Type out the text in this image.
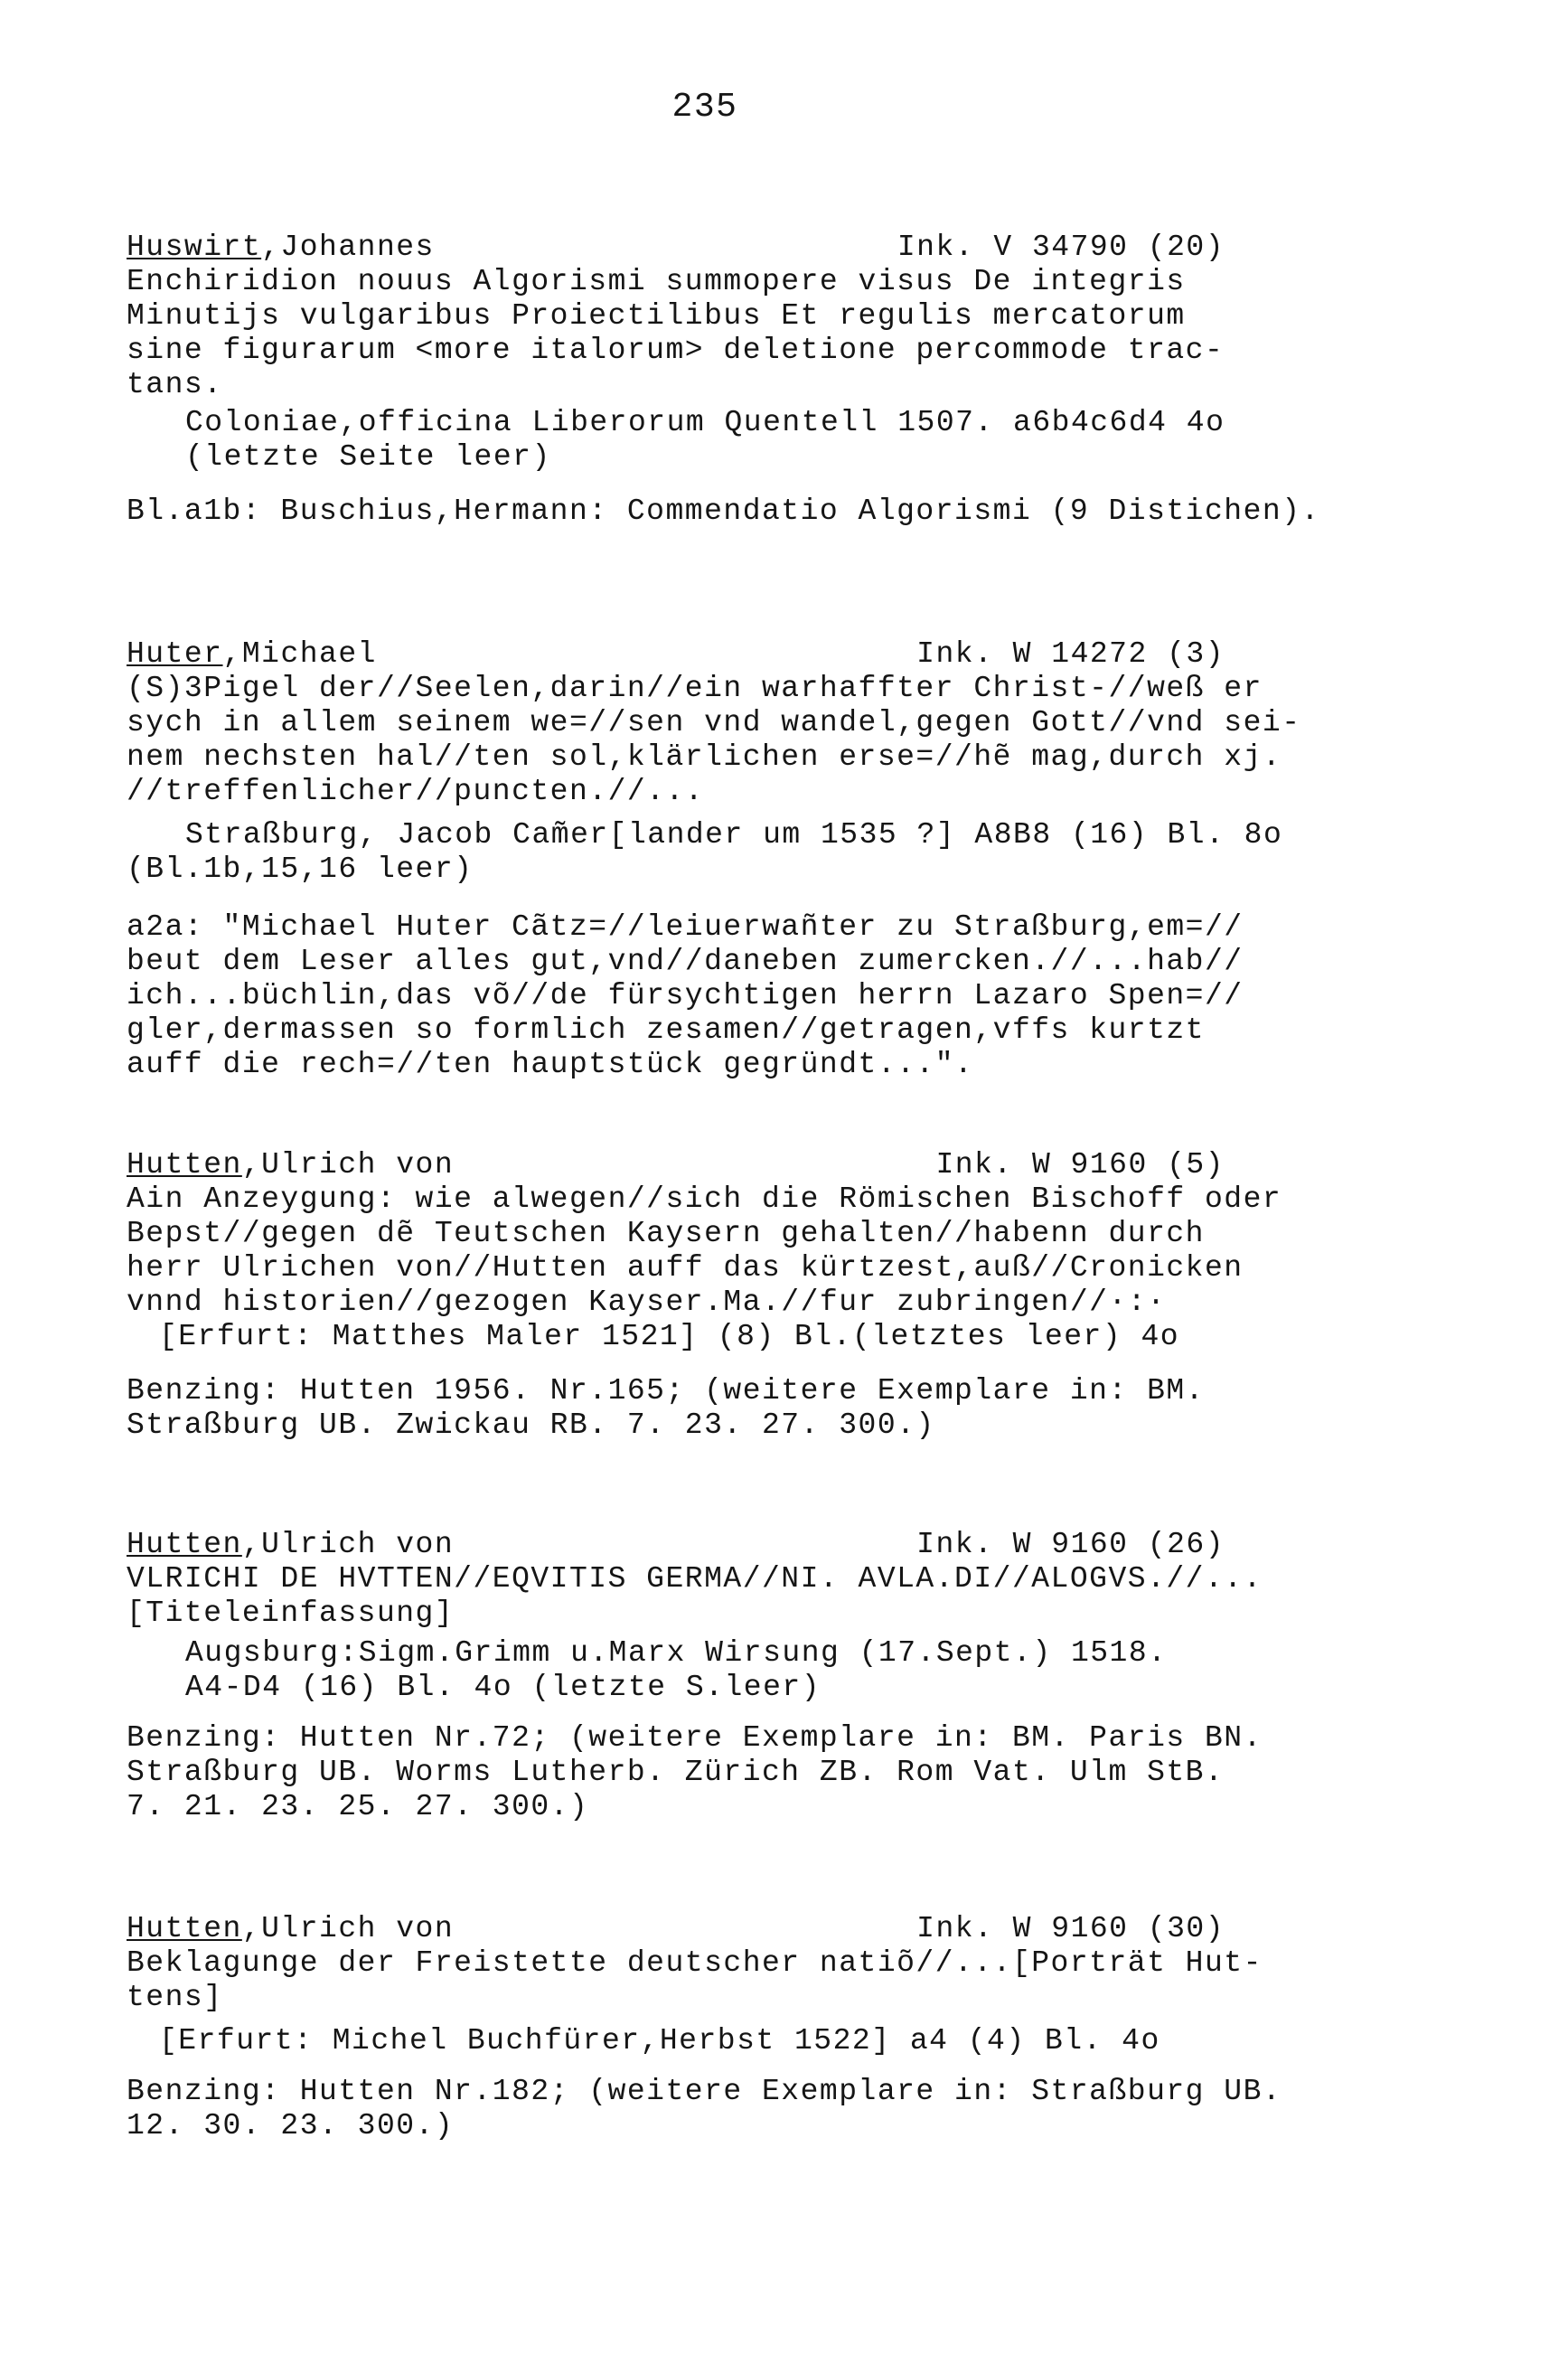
235
Huswirt,Johannes	Ink. V 34790 (20)
Enchiridion nouus Algorismi summopere visus De integris
Minutijs vulgaribus Proiectilibus Et regulis mercatorum
sine figurarum <more italorum> deletione percommode trac-
tans.
Coloniae,officina Liberorum Quentell 1507. a6b4c6d4 4o
(letzte Seite leer)
Bl.a1b: Buschius,Hermann: Commendatio Algorismi (9 Distichen).
Huter,Michael	Ink. W 14272 (3)
(S)3Pigel der//Seelen,darin//ein warhaffter Christ-//weß er
sych in allem seinem we=//sen vnd wandel,gegen Gott//vnd sei-
nem nechsten hal//ten sol,klärlichen erse=//hẽ mag,durch xj.
//treffenlicher//puncten.//...
Straßburg, Jacob Cam̃er[lander um 1535 ?] A8B8 (16) Bl. 8o
(Bl.1b,15,16 leer)
a2a: "Michael Huter Cãtz=//leiuerwañter zu Straßburg,em=//
beut dem Leser alles gut,vnd//daneben zumercken.//...hab//
ich...büchlin,das võ//de fürsychtigen herrn Lazaro Spen=//
gler,dermassen so formlich zesamen//getragen,vffs kurtzt
auff die rech=//ten hauptstück gegründt...".
Hutten,Ulrich von	Ink. W 9160 (5)
Ain Anzeygung: wie alwegen//sich die Römischen Bischoff oder
Bepst//gegen dẽ Teutschen Kaysern gehalten//habenn durch
herr Ulrichen von//Hutten auff das kürtzest,auß//Cronicken
vnnd historien//gezogen Kayser.Ma.//fur zubringen//·:·
[Erfurt: Matthes Maler 1521] (8) Bl.(letztes leer) 4o
Benzing: Hutten 1956. Nr.165; (weitere Exemplare in: BM.
Straßburg UB. Zwickau RB. 7. 23. 27. 300.)
Hutten,Ulrich von	Ink. W 9160 (26)
VLRICHI DE HVTTEN//EQVITIS GERMA//NI. AVLA.DI//ALOGVS.//...
[Titeleinfassung]
Augsburg:Sigm.Grimm u.Marx Wirsung (17.Sept.) 1518.
A4-D4 (16) Bl. 4o (letzte S.leer)
Benzing: Hutten Nr.72; (weitere Exemplare in: BM. Paris BN.
Straßburg UB. Worms Lutherb. Zürich ZB. Rom Vat. Ulm StB.
7. 21. 23. 25. 27. 300.)
Hutten,Ulrich von	Ink. W 9160 (30)
Beklagunge der Freistette deutscher natiõ//...[Porträt Hut-
tens]
[Erfurt: Michel Buchfürer,Herbst 1522] a4 (4) Bl. 4o
Benzing: Hutten Nr.182; (weitere Exemplare in: Straßburg UB.
12. 30. 23. 300.)
